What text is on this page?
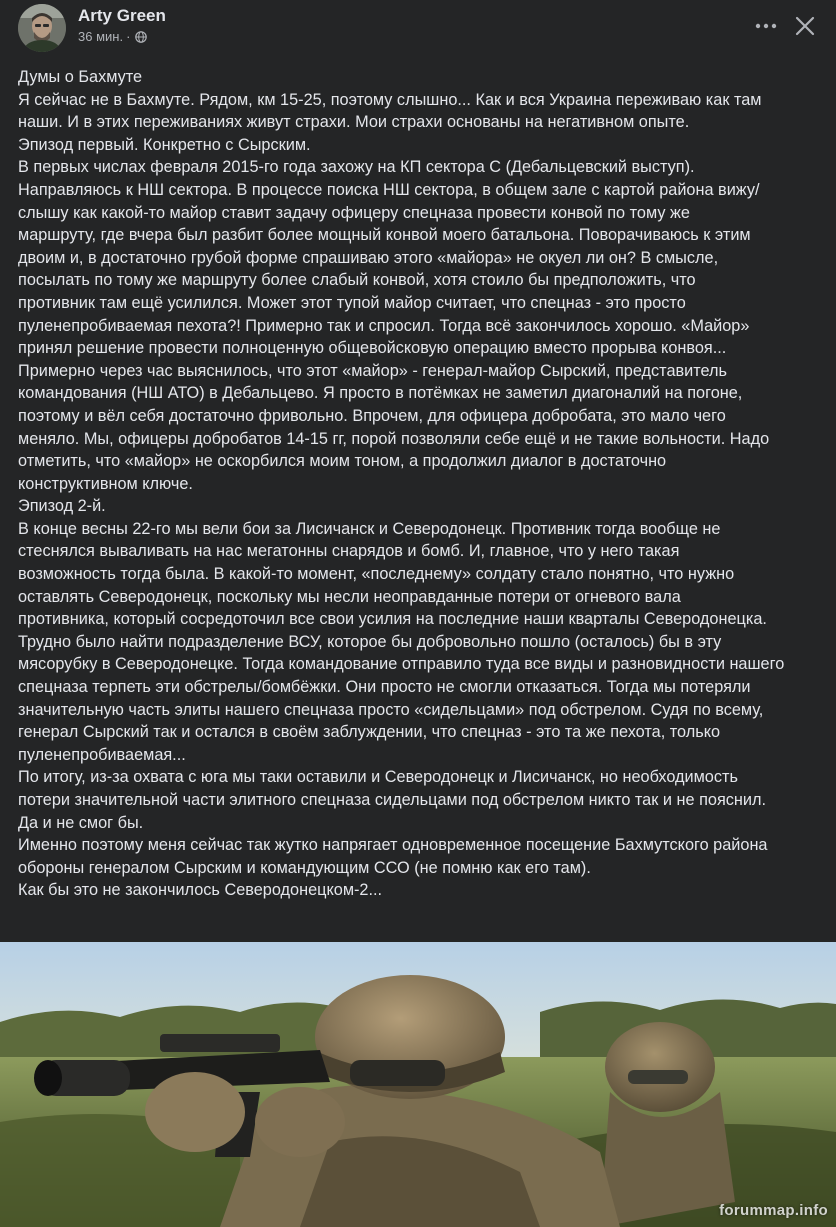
Arty Green
36 мин. ·
Думы о Бахмуте
Я сейчас не в Бахмуте. Рядом, км 15-25, поэтому слышно... Как и вся Украина переживаю как там
наши. И в этих переживаниях живут страхи. Мои страхи основаны на негативном опыте.
Эпизод первый. Конкретно с Сырским.
В первых числах февраля 2015-го года захожу на КП сектора С (Дебальцевский выступ).
Направляюсь к НШ сектора. В процессе поиска НШ сектора, в общем зале с картой района вижу/
слышу как какой-то майор ставит задачу офицеру спецназа провести конвой по тому же
маршруту, где вчера был разбит более мощный конвой моего батальона. Поворачиваюсь к этим
двоим и, в достаточно грубой форме спрашиваю этого «майора» не окуел ли он? В смысле,
посылать по тому же маршруту более слабый конвой, хотя стоило бы предположить, что
противник там ещё усилился. Может этот тупой майор считает, что спецназ - это просто
пуленепробиваемая пехота?! Примерно так и спросил. Тогда всё закончилось хорошо. «Майор»
принял решение провести полноценную общевойсковую операцию вместо прорыва конвоя...
Примерно через час выяснилось, что этот «майор» - генерал-майор Сырский, представитель
командования (НШ АТО) в Дебальцево. Я просто в потёмках не заметил диагоналий на погоне,
поэтому и вёл себя достаточно фривольно. Впрочем, для офицера добробата, это мало чего
меняло. Мы, офицеры добробатов 14-15 гг, порой позволяли себе ещё и не такие вольности. Надо
отметить, что «майор» не оскорбился моим тоном, а продолжил диалог в достаточно
конструктивном ключе.
Эпизод 2-й.
В конце весны 22-го мы вели бои за Лисичанск и Северодонецк. Противник тогда вообще не
стеснялся вываливать на нас мегатонны снарядов и бомб. И, главное, что у него такая
возможность тогда была. В какой-то момент, «последнему» солдату стало понятно, что нужно
оставлять Северодонецк, поскольку мы несли неоправданные потери от огневого вала
противника, который сосредоточил все свои усилия на последние наши кварталы Северодонецка.
Трудно было найти подразделение ВСУ, которое бы добровольно пошло (осталось) бы в эту
мясорубку в Северодонецке. Тогда командование отправило туда все виды и разновидности нашего
спецназа терпеть эти обстрелы/бомбёжки. Они просто не смогли отказаться. Тогда мы потеряли
значительную часть элиты нашего спецназа просто «сидельцами» под обстрелом. Судя по всему,
генерал Сырский так и остался в своём заблуждении, что спецназ - это та же пехота, только
пуленепробиваемая...
По итогу, из-за охвата с юга мы таки оставили и Северодонецк и Лисичанск, но необходимость
потери значительной части элитного спецназа сидельцами под обстрелом никто так и не пояснил.
Да и не смог бы.
Именно поэтому меня сейчас так жутко напрягает одновременное посещение Бахмутского района
обороны генералом Сырским и командующим ССО (не помню как его там).
Как бы это не закончилось Северодонецком-2...
forummap.info
